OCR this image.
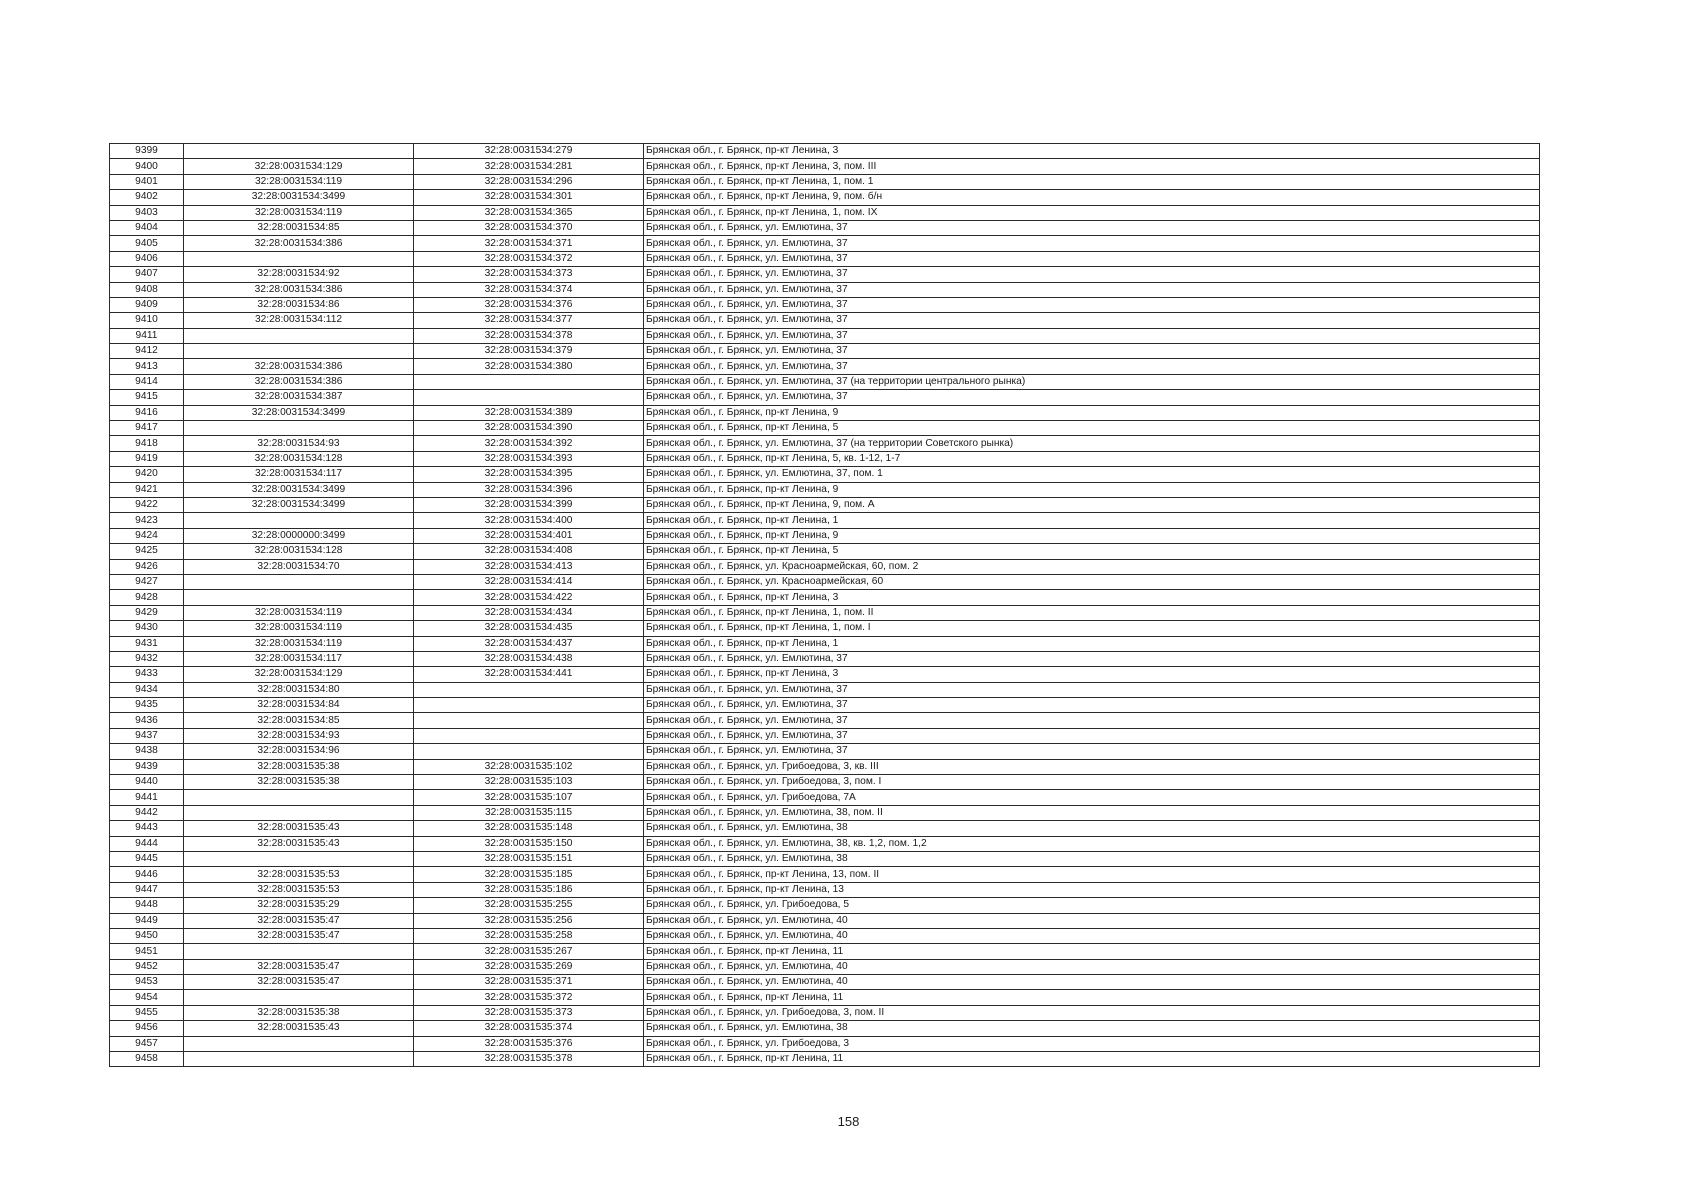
9399		32:28:0031534:279	Брянская обл., г. Брянск, пр-кт Ленина, 3
9400	32:28:0031534:129	32:28:0031534:281	Брянская обл., г. Брянск, пр-кт Ленина, 3, пом. III
9401	32:28:0031534:119	32:28:0031534:296	Брянская обл., г. Брянск, пр-кт Ленина, 1, пом. 1
9402	32:28:0031534:3499	32:28:0031534:301	Брянская обл., г. Брянск, пр-кт Ленина, 9, пом. б/н
9403	32:28:0031534:119	32:28:0031534:365	Брянская обл., г. Брянск, пр-кт Ленина, 1, пом. IX
9404	32:28:0031534:85	32:28:0031534:370	Брянская обл., г. Брянск, ул. Емлютина, 37
9405	32:28:0031534:386	32:28:0031534:371	Брянская обл., г. Брянск, ул. Емлютина, 37
9406		32:28:0031534:372	Брянская обл., г. Брянск, ул. Емлютина, 37
9407	32:28:0031534:92	32:28:0031534:373	Брянская обл., г. Брянск, ул. Емлютина, 37
9408	32:28:0031534:386	32:28:0031534:374	Брянская обл., г. Брянск, ул. Емлютина, 37
9409	32:28:0031534:86	32:28:0031534:376	Брянская обл., г. Брянск, ул. Емлютина, 37
9410	32:28:0031534:112	32:28:0031534:377	Брянская обл., г. Брянск, ул. Емлютина, 37
9411		32:28:0031534:378	Брянская обл., г. Брянск, ул. Емлютина, 37
9412		32:28:0031534:379	Брянская обл., г. Брянск, ул. Емлютина, 37
9413	32:28:0031534:386	32:28:0031534:380	Брянская обл., г. Брянск, ул. Емлютина, 37
9414	32:28:0031534:386		Брянская обл., г. Брянск, ул. Емлютина, 37 (на территории центрального рынка)
9415	32:28:0031534:387		Брянская обл., г. Брянск, ул. Емлютина, 37
9416	32:28:0031534:3499	32:28:0031534:389	Брянская обл., г. Брянск, пр-кт Ленина, 9
9417		32:28:0031534:390	Брянская обл., г. Брянск, пр-кт Ленина, 5
9418	32:28:0031534:93	32:28:0031534:392	Брянская обл., г. Брянск, ул. Емлютина, 37 (на территории Советского рынка)
9419	32:28:0031534:128	32:28:0031534:393	Брянская обл., г. Брянск, пр-кт Ленина, 5, кв. 1-12, 1-7
9420	32:28:0031534:117	32:28:0031534:395	Брянская обл., г. Брянск, ул. Емлютина, 37, пом. 1
9421	32:28:0031534:3499	32:28:0031534:396	Брянская обл., г. Брянск, пр-кт Ленина, 9
9422	32:28:0031534:3499	32:28:0031534:399	Брянская обл., г. Брянск, пр-кт Ленина, 9, пом. А
9423		32:28:0031534:400	Брянская обл., г. Брянск, пр-кт Ленина, 1
9424	32:28:0000000:3499	32:28:0031534:401	Брянская обл., г. Брянск, пр-кт Ленина, 9
9425	32:28:0031534:128	32:28:0031534:408	Брянская обл., г. Брянск, пр-кт Ленина, 5
9426	32:28:0031534:70	32:28:0031534:413	Брянская обл., г. Брянск, ул. Красноармейская, 60, пом. 2
9427		32:28:0031534:414	Брянская обл., г. Брянск, ул. Красноармейская, 60
9428		32:28:0031534:422	Брянская обл., г. Брянск, пр-кт Ленина, 3
9429	32:28:0031534:119	32:28:0031534:434	Брянская обл., г. Брянск, пр-кт Ленина, 1, пом. II
9430	32:28:0031534:119	32:28:0031534:435	Брянская обл., г. Брянск, пр-кт Ленина, 1, пом. I
9431	32:28:0031534:119	32:28:0031534:437	Брянская обл., г. Брянск, пр-кт Ленина, 1
9432	32:28:0031534:117	32:28:0031534:438	Брянская обл., г. Брянск, ул. Емлютина, 37
9433	32:28:0031534:129	32:28:0031534:441	Брянская обл., г. Брянск, пр-кт Ленина, 3
9434	32:28:0031534:80		Брянская обл., г. Брянск, ул. Емлютина, 37
9435	32:28:0031534:84		Брянская обл., г. Брянск, ул. Емлютина, 37
9436	32:28:0031534:85		Брянская обл., г. Брянск, ул. Емлютина, 37
9437	32:28:0031534:93		Брянская обл., г. Брянск, ул. Емлютина, 37
9438	32:28:0031534:96		Брянская обл., г. Брянск, ул. Емлютина, 37
9439	32:28:0031535:38	32:28:0031535:102	Брянская обл., г. Брянск, ул. Грибоедова, 3, кв. III
9440	32:28:0031535:38	32:28:0031535:103	Брянская обл., г. Брянск, ул. Грибоедова, 3, пом. I
9441		32:28:0031535:107	Брянская обл., г. Брянск, ул. Грибоедова, 7А
9442		32:28:0031535:115	Брянская обл., г. Брянск, ул. Емлютина, 38, пом. II
9443	32:28:0031535:43	32:28:0031535:148	Брянская обл., г. Брянск, ул. Емлютина, 38
9444	32:28:0031535:43	32:28:0031535:150	Брянская обл., г. Брянск, ул. Емлютина, 38, кв. 1,2, пом. 1,2
9445		32:28:0031535:151	Брянская обл., г. Брянск, ул. Емлютина, 38
9446	32:28:0031535:53	32:28:0031535:185	Брянская обл., г. Брянск, пр-кт Ленина, 13, пом. II
9447	32:28:0031535:53	32:28:0031535:186	Брянская обл., г. Брянск, пр-кт Ленина, 13
9448	32:28:0031535:29	32:28:0031535:255	Брянская обл., г. Брянск, ул. Грибоедова, 5
9449	32:28:0031535:47	32:28:0031535:256	Брянская обл., г. Брянск, ул. Емлютина, 40
9450	32:28:0031535:47	32:28:0031535:258	Брянская обл., г. Брянск, ул. Емлютина, 40
9451		32:28:0031535:267	Брянская обл., г. Брянск, пр-кт Ленина, 11
9452	32:28:0031535:47	32:28:0031535:269	Брянская обл., г. Брянск, ул. Емлютина, 40
9453	32:28:0031535:47	32:28:0031535:371	Брянская обл., г. Брянск, ул. Емлютина, 40
9454		32:28:0031535:372	Брянская обл., г. Брянск, пр-кт Ленина, 11
9455	32:28:0031535:38	32:28:0031535:373	Брянская обл., г. Брянск, ул. Грибоедова, 3, пом. II
9456	32:28:0031535:43	32:28:0031535:374	Брянская обл., г. Брянск, ул. Емлютина, 38
9457		32:28:0031535:376	Брянская обл., г. Брянск, ул. Грибоедова, 3
9458		32:28:0031535:378	Брянская обл., г. Брянск, пр-кт Ленина, 11
158
